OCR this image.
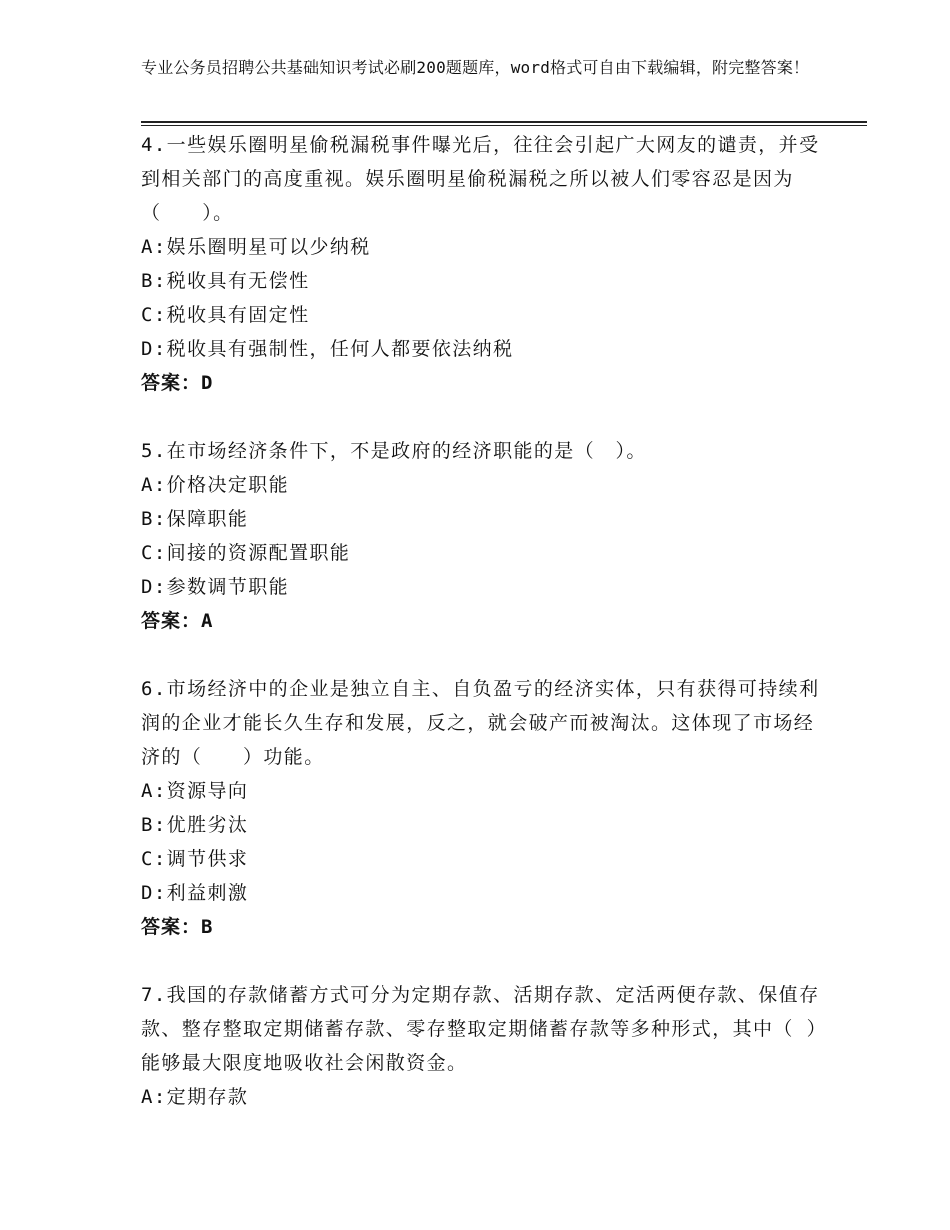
专业公务员招聘公共基础知识考试必刷200题题库，word格式可自由下载编辑，附完整答案！

4.一些娱乐圈明星偷税漏税事件曝光后，往往会引起广大网友的谴责，并受到相关部门的高度重视。娱乐圈明星偷税漏税之所以被人们零容忍是因为（　　）。

A:娱乐圈明星可以少纳税

B:税收具有无偿性

C:税收具有固定性

D:税收具有强制性，任何人都要依法纳税

答案：D

5.在市场经济条件下，不是政府的经济职能的是（　）。

A:价格决定职能

B:保障职能

C:间接的资源配置职能

D:参数调节职能

答案：A

6.市场经济中的企业是独立自主、自负盈亏的经济实体，只有获得可持续利润的企业才能长久生存和发展，反之，就会破产而被淘汰。这体现了市场经济的（　　）功能。

A:资源导向

B:优胜劣汰

C:调节供求

D:利益刺激

答案：B

7.我国的存款储蓄方式可分为定期存款、活期存款、定活两便存款、保值存款、整存整取定期储蓄存款、零存整取定期储蓄存款等多种形式，其中（ ）能够最大限度地吸收社会闲散资金。

A:定期存款
